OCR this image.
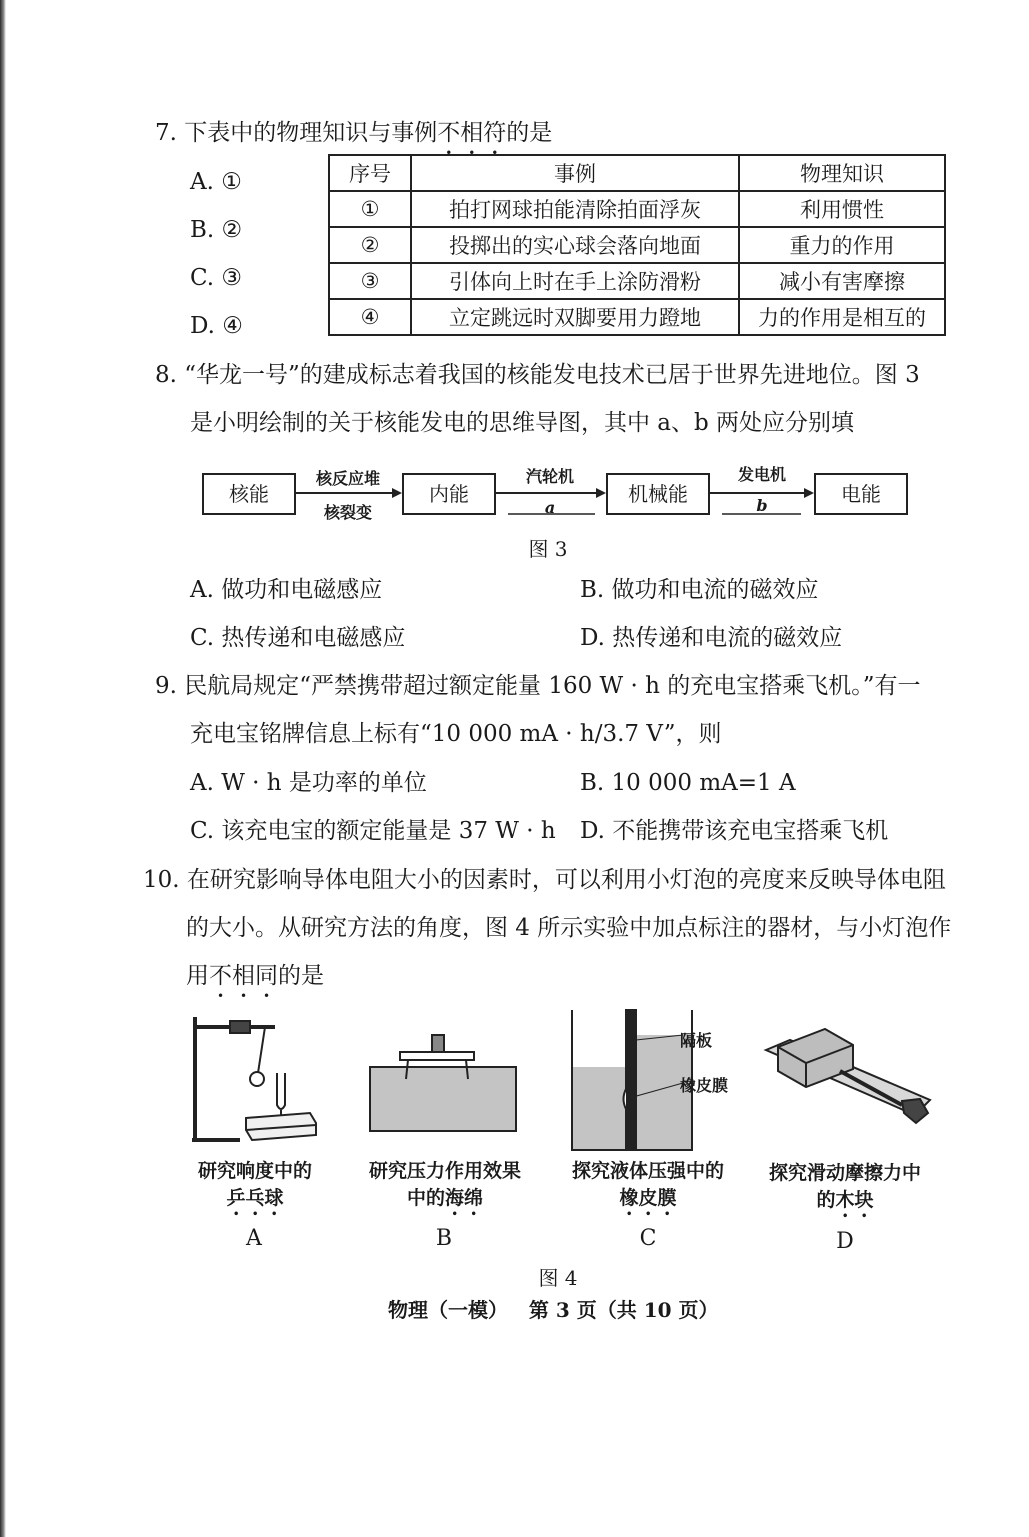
7. 下表中的物理知识与事例不相符的是
A. ①
B. ②
C. ③
D. ④
序号	事例	物理知识
①	拍打网球拍能清除拍面浮灰	利用惯性
②	投掷出的实心球会落向地面	重力的作用
③	引体向上时在手上涂防滑粉	减小有害摩擦
④	立定跳远时双脚要用力蹬地	力的作用是相互的
8. “华龙一号”的建成标志着我国的核能发电技术已居于世界先进地位。图 3
是小明绘制的关于核能发电的思维导图，其中 a、b 两处应分别填
核能	内能	机械能	电能
核反应堆
核裂变
汽轮机
a
发电机
b
图 3
A. 做功和电磁感应	B. 做功和电流的磁效应
C. 热传递和电磁感应	D. 热传递和电流的磁效应
9. 民航局规定“严禁携带超过额定能量 160 W · h 的充电宝搭乘飞机。”有一
充电宝铭牌信息上标有“10 000 mA · h/3.7 V”，则
A. W · h 是功率的单位	B. 10 000 mA=1 A
C. 该充电宝的额定能量是 37 W · h D. 不能携带该充电宝搭乘飞机
10. 在研究影响导体电阻大小的因素时，可以利用小灯泡的亮度来反映导体电阻
的大小。从研究方法的角度，图 4 所示实验中加点标注的器材，与小灯泡作
用不相同的是
隔板
橡皮膜
研究响度中的
乒乓球
研究压力作用效果
中的海绵
探究液体压强中的
橡皮膜
探究滑动摩擦力中
的木块
A	B	C	D
图 4
物理（一模）   第 3 页（共 10 页）
